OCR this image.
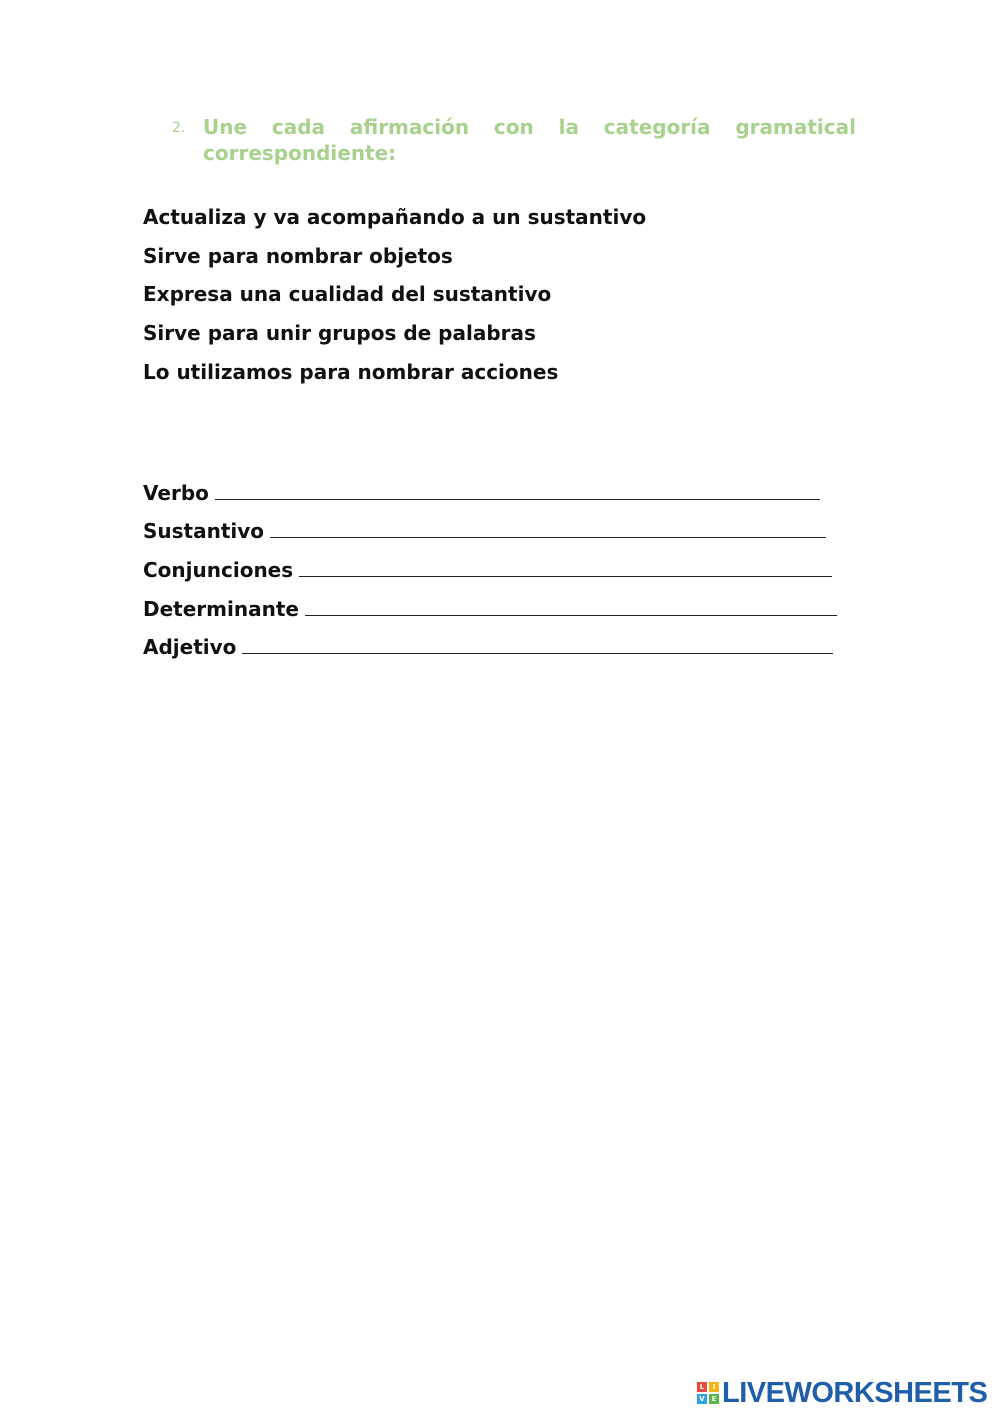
2. Une cada afirmación con la categoría gramatical
correspondiente:
Actualiza y va acompañando a un sustantivo
Sirve para nombrar objetos
Expresa una cualidad del sustantivo
Sirve para unir grupos de palabras
Lo utilizamos para nombrar acciones
Verbo
Sustantivo
Conjunciones
Determinante
Adjetivo
L	I
V E LIVEWORKSHEETS
